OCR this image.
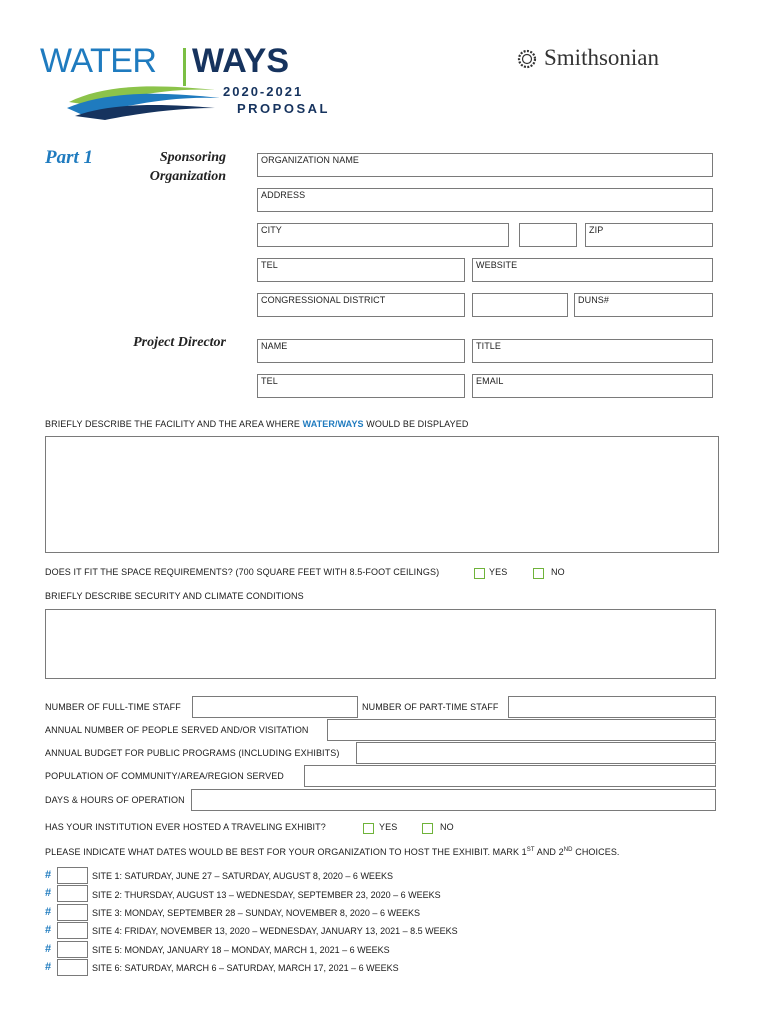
WATER WAYS
2020-2021
PROPOSAL
Smithsonian
Part 1	Sponsoring
Organization
ORGANIZATION NAME
ADDRESS
CITY	ZIP
TEL	WEBSITE
CONGRESSIONAL DISTRICT	DUNS#
Project Director	NAME	TITLE
TEL	EMAIL
BRIEFLY DESCRIBE THE FACILITY AND THE AREA WHERE WATER/WAYS WOULD BE DISPLAYED
DOES IT FIT THE SPACE REQUIREMENTS? (700 SQUARE FEET WITH 8.5-FOOT CEILINGS)	YES	NO
BRIEFLY DESCRIBE SECURITY AND CLIMATE CONDITIONS
NUMBER OF FULL-TIME STAFF	NUMBER OF PART-TIME STAFF
ANNUAL NUMBER OF PEOPLE SERVED AND/OR VISITATION
ANNUAL BUDGET FOR PUBLIC PROGRAMS (INCLUDING EXHIBITS)
POPULATION OF COMMUNITY/AREA/REGION SERVED
DAYS & HOURS OF OPERATION
HAS YOUR INSTITUTION EVER HOSTED A TRAVELING EXHIBIT?	YES	NO
PLEASE INDICATE WHAT DATES WOULD BE BEST FOR YOUR ORGANIZATION TO HOST THE EXHIBIT. MARK 1ST AND 2ND CHOICES.
#	SITE 1: SATURDAY, JUNE 27 – SATURDAY, AUGUST 8, 2020 – 6 WEEKS
#	SITE 2: THURSDAY, AUGUST 13 – WEDNESDAY, SEPTEMBER 23, 2020 – 6 WEEKS
#	SITE 3: MONDAY, SEPTEMBER 28 – SUNDAY, NOVEMBER 8, 2020 – 6 WEEKS
#	SITE 4: FRIDAY, NOVEMBER 13, 2020 – WEDNESDAY, JANUARY 13, 2021 – 8.5 WEEKS
#	SITE 5: MONDAY, JANUARY 18 – MONDAY, MARCH 1, 2021 – 6 WEEKS
#	SITE 6: SATURDAY, MARCH 6 – SATURDAY, MARCH 17, 2021 – 6 WEEKS
